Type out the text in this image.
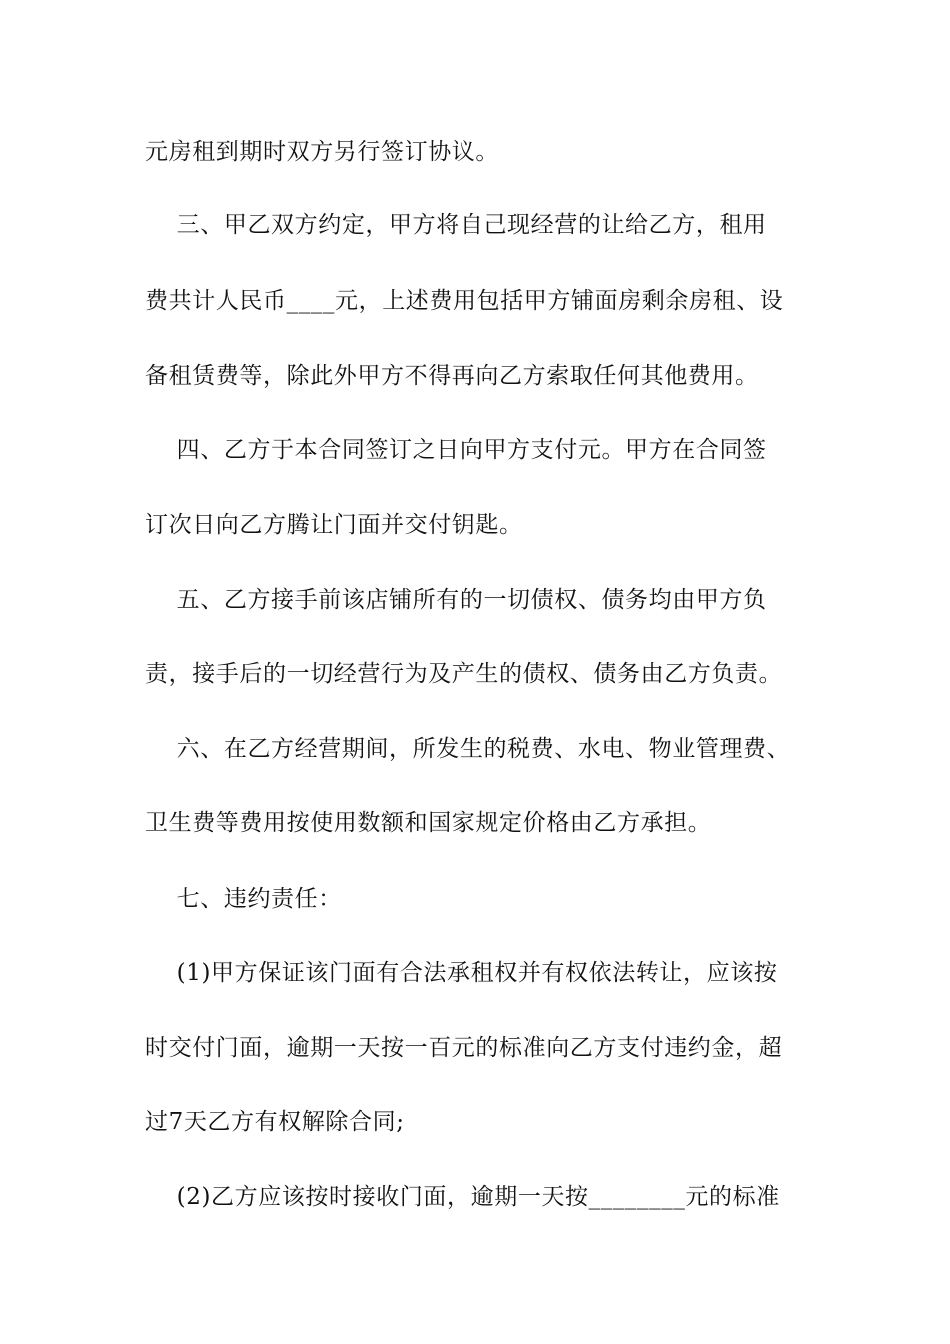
元房租到期时双方另行签订协议。
三、甲乙双方约定，甲方将自己现经营的让给乙方，租用
费共计人民币____元，上述费用包括甲方铺面房剩余房租、设
备租赁费等，除此外甲方不得再向乙方索取任何其他费用。
四、乙方于本合同签订之日向甲方支付元。甲方在合同签
订次日向乙方腾让门面并交付钥匙。
五、乙方接手前该店铺所有的一切债权、债务均由甲方负
责，接手后的一切经营行为及产生的债权、债务由乙方负责。
六、在乙方经营期间，所发生的税费、水电、物业管理费、
卫生费等费用按使用数额和国家规定价格由乙方承担。
七、违约责任：
(1)甲方保证该门面有合法承租权并有权依法转让，应该按
时交付门面，逾期一天按一百元的标准向乙方支付违约金，超
过7天乙方有权解除合同;
(2)乙方应该按时接收门面，逾期一天按________元的标准
